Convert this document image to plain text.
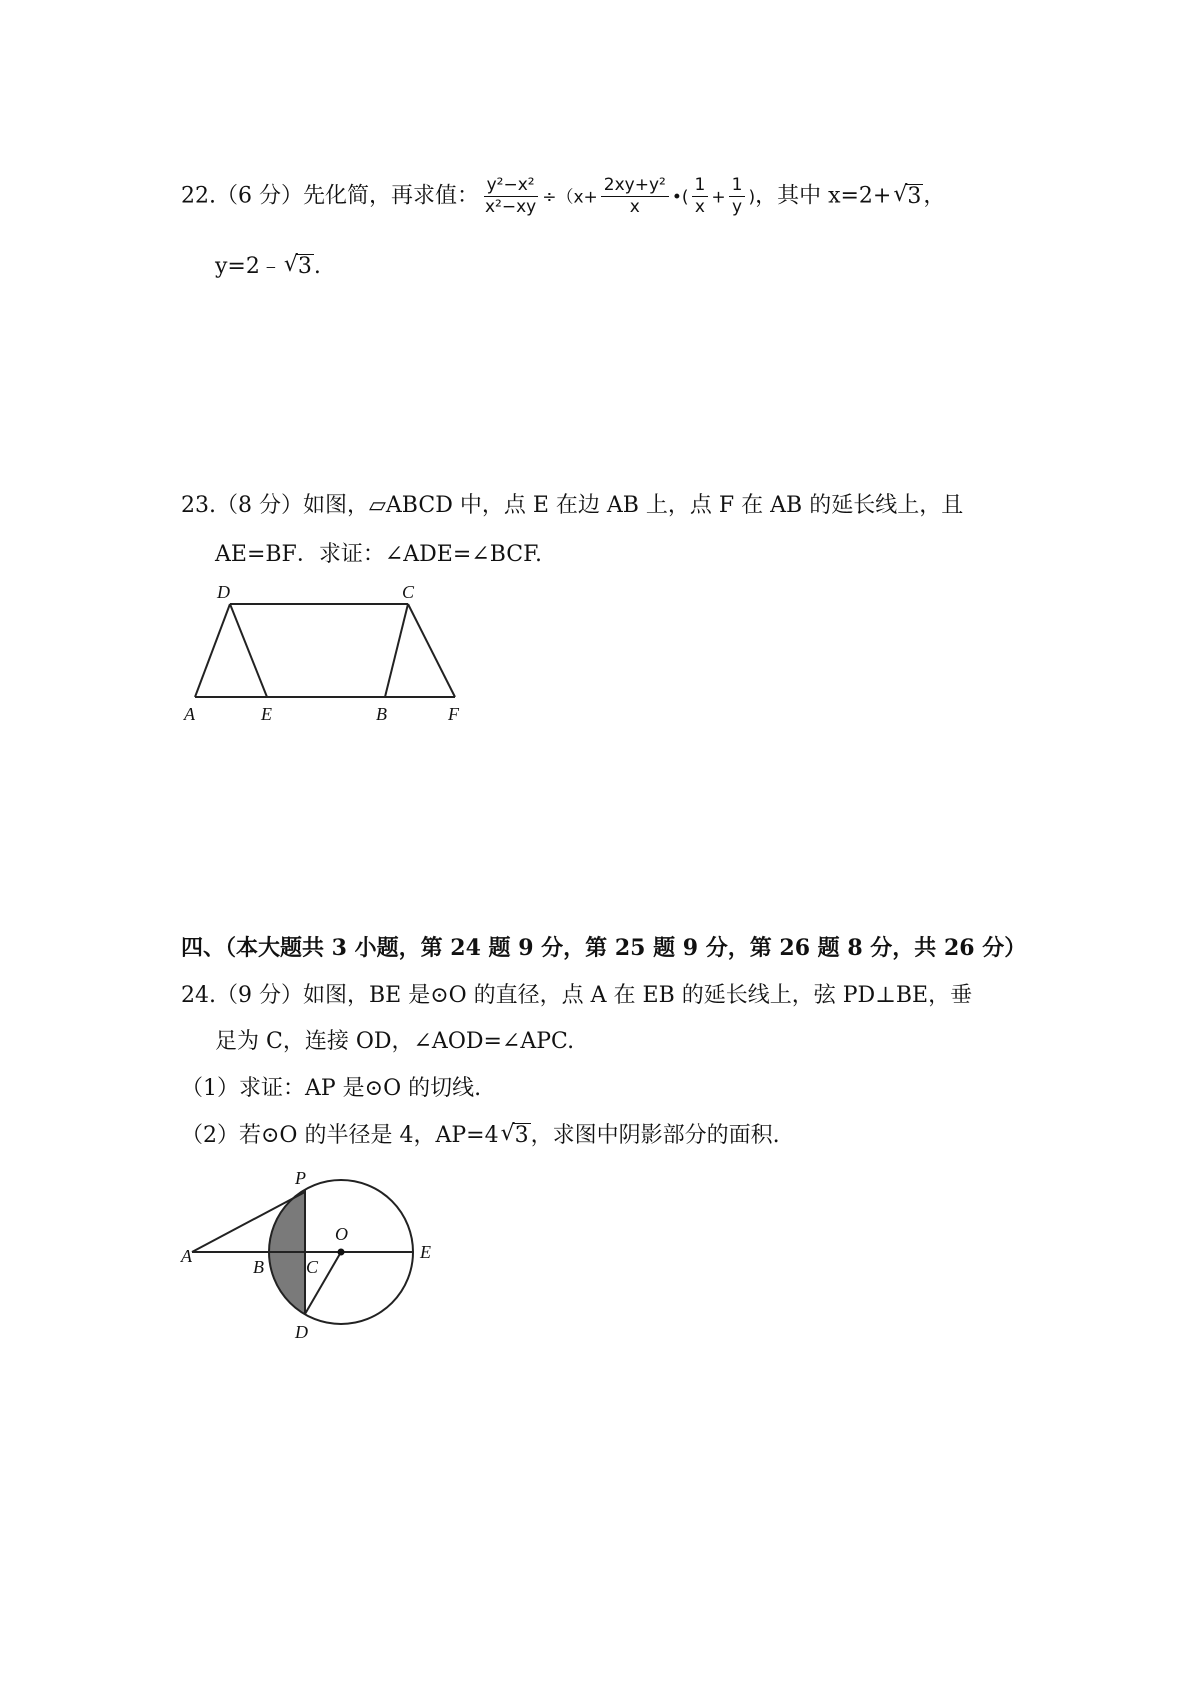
22.（6 分）先化简，再求值： $\frac{\text{y²−x²}}{\text{x²−xy}} \div(x+ \frac{\text{2xy+y²}}{x}$ •( $\frac{1}{x} + \frac{1}{y}$ )，其中 x=2+ √ 3，
y=2﹣ √ 3.
23.（8 分）如图，▱ABCD 中，点 E 在边 AB 上，点 F 在 AB 的延长线上，且
AE=BF．求证：∠ADE=∠BCF.
D	C
A	E	B	F
四、（本大题共 3 小题，第 24 题 9 分，第 25 题 9 分，第 26 题 8 分，共 26 分）
24.（9 分）如图，BE 是⊙O 的直径，点 A 在 EB 的延长线上，弦 PD⊥BE，垂
足为 C，连接 OD，∠AOD=∠APC.
（1）求证：AP 是⊙O 的切线.
（2）若⊙O 的半径是 4，AP=4 √ 3，求图中阴影部分的面积.
P
O
A
B C
E
D
